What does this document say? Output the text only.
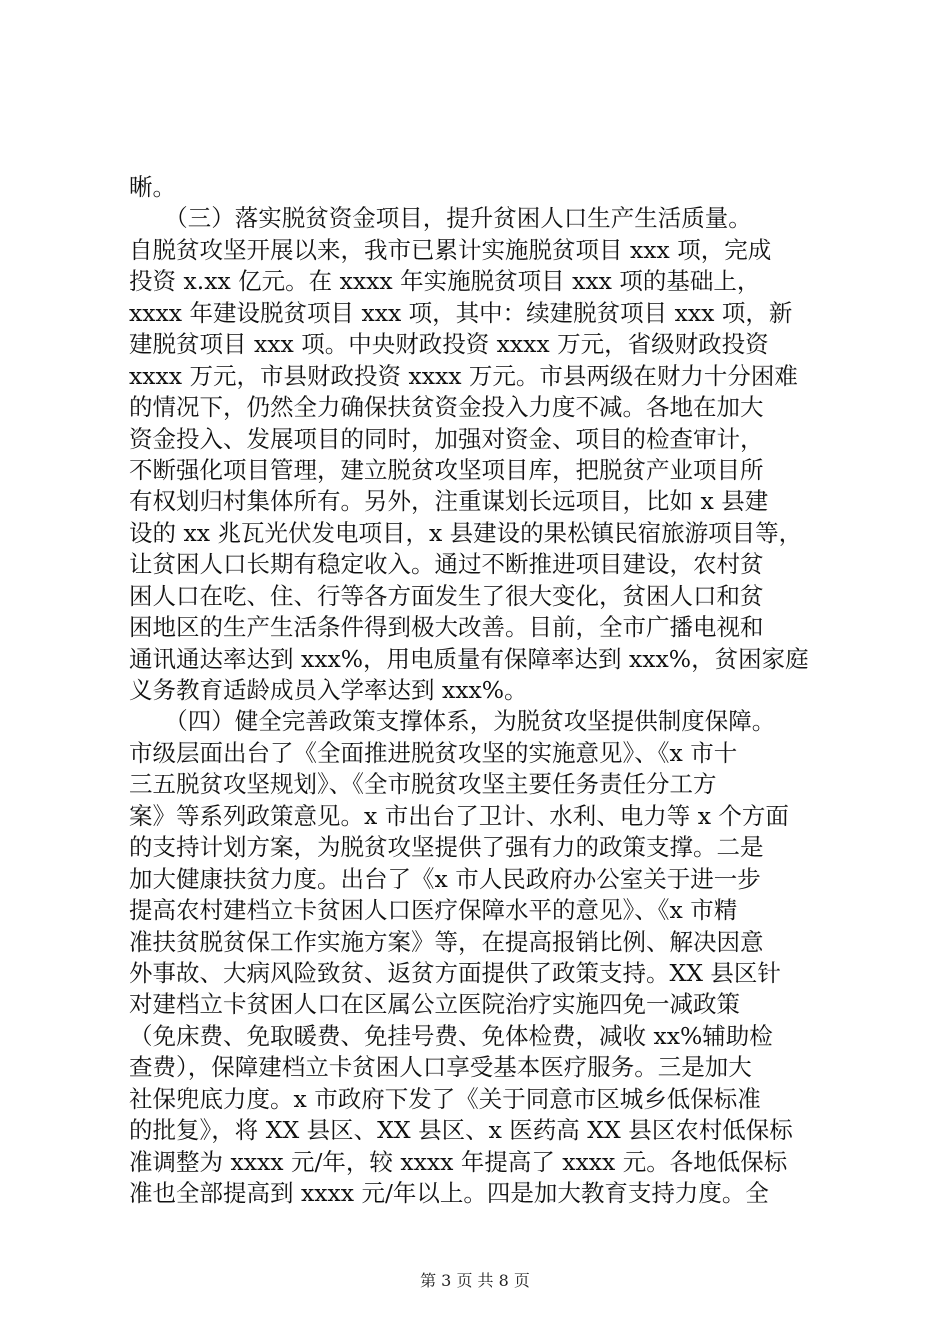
晰。
　　（三）落实脱贫资金项目，提升贫困人口生产生活质量。
自脱贫攻坚开展以来，我市已累计实施脱贫项目 xxx 项，完成
投资 x.xx 亿元。在 xxxx 年实施脱贫项目 xxx 项的基础上，
xxxx 年建设脱贫项目 xxx 项，其中：续建脱贫项目 xxx 项，新
建脱贫项目 xxx 项。中央财政投资 xxxx 万元，省级财政投资
xxxx 万元，市县财政投资 xxxx 万元。市县两级在财力十分困难
的情况下，仍然全力确保扶贫资金投入力度不减。各地在加大
资金投入、发展项目的同时，加强对资金、项目的检查审计，
不断强化项目管理，建立脱贫攻坚项目库，把脱贫产业项目所
有权划归村集体所有。另外，注重谋划长远项目，比如 x 县建
设的 xx 兆瓦光伏发电项目，x 县建设的果松镇民宿旅游项目等，
让贫困人口长期有稳定收入。通过不断推进项目建设，农村贫
困人口在吃、住、行等各方面发生了很大变化，贫困人口和贫
困地区的生产生活条件得到极大改善。目前，全市广播电视和
通讯通达率达到 xxx%，用电质量有保障率达到 xxx%，贫困家庭
义务教育适龄成员入学率达到 xxx%。
　　（四）健全完善政策支撑体系，为脱贫攻坚提供制度保障。
市级层面出台了《全面推进脱贫攻坚的实施意见》、《x 市十
三五脱贫攻坚规划》、《全市脱贫攻坚主要任务责任分工方
案》等系列政策意见。x 市出台了卫计、水利、电力等 x 个方面
的支持计划方案，为脱贫攻坚提供了强有力的政策支撑。二是
加大健康扶贫力度。出台了《x 市人民政府办公室关于进一步
提高农村建档立卡贫困人口医疗保障水平的意见》、《x 市精
准扶贫脱贫保工作实施方案》等，在提高报销比例、解决因意
外事故、大病风险致贫、返贫方面提供了政策支持。XX 县区针
对建档立卡贫困人口在区属公立医院治疗实施四免一减政策
（免床费、免取暖费、免挂号费、免体检费，减收 xx%辅助检
查费），保障建档立卡贫困人口享受基本医疗服务。三是加大
社保兜底力度。x 市政府下发了《关于同意市区城乡低保标准
的批复》，将 XX 县区、XX 县区、x 医药高 XX 县区农村低保标
准调整为 xxxx 元/年，较 xxxx 年提高了 xxxx 元。各地低保标
准也全部提高到 xxxx 元/年以上。四是加大教育支持力度。全
第 3 页 共 8 页
